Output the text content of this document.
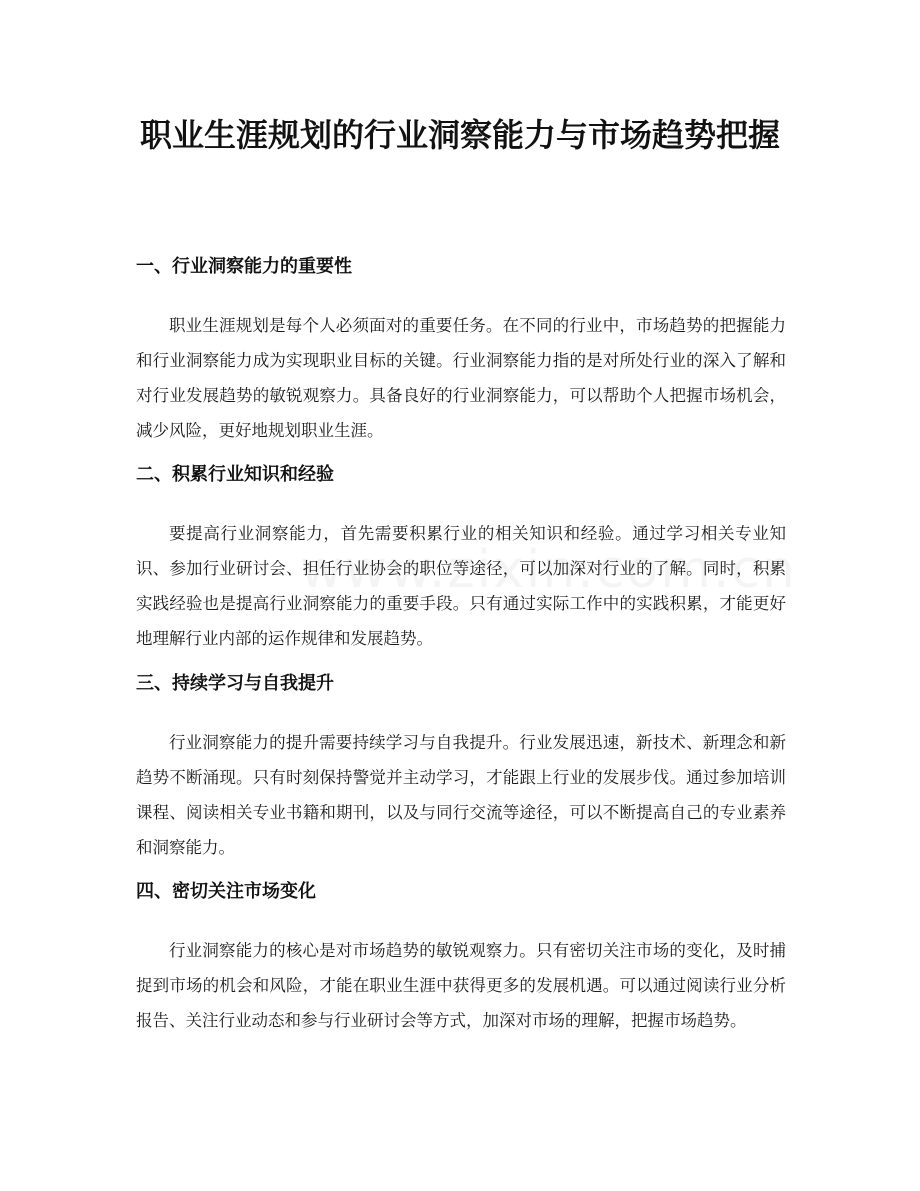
职业生涯规划的行业洞察能力与市场趋势把握
一、行业洞察能力的重要性

职业生涯规划是每个人必须面对的重要任务。在不同的行业中，市场趋势的把握能力和行业洞察能力成为实现职业目标的关键。行业洞察能力指的是对所处行业的深入了解和对行业发展趋势的敏锐观察力。具备良好的行业洞察能力，可以帮助个人把握市场机会，减少风险，更好地规划职业生涯。

二、积累行业知识和经验

要提高行业洞察能力，首先需要积累行业的相关知识和经验。通过学习相关专业知识、参加行业研讨会、担任行业协会的职位等途径，可以加深对行业的了解。同时，积累实践经验也是提高行业洞察能力的重要手段。只有通过实际工作中的实践积累，才能更好地理解行业内部的运作规律和发展趋势。

三、持续学习与自我提升

行业洞察能力的提升需要持续学习与自我提升。行业发展迅速，新技术、新理念和新趋势不断涌现。只有时刻保持警觉并主动学习，才能跟上行业的发展步伐。通过参加培训课程、阅读相关专业书籍和期刊，以及与同行交流等途径，可以不断提高自己的专业素养和洞察能力。

四、密切关注市场变化

行业洞察能力的核心是对市场趋势的敏锐观察力。只有密切关注市场的变化，及时捕捉到市场的机会和风险，才能在职业生涯中获得更多的发展机遇。可以通过阅读行业分析报告、关注行业动态和参与行业研讨会等方式，加深对市场的理解，把握市场趋势。
